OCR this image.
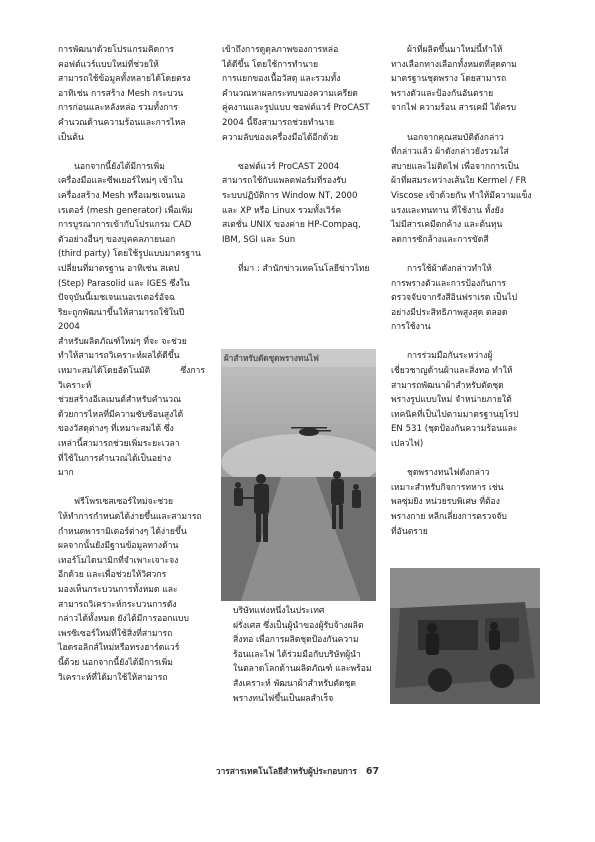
การพัฒนาด้วยโปรแกรมคิดการ
คอฟต์แวร์แบบใหม่ที่ช่วยให้
สามารถใช้ข้อมูลทั้งหลายได้โดยตรง
อาทิเช่น การสร้าง Mesh กระบวน
การก่อนและหลังหล่อ รวมทั้งการ
คำนวณด้านความร้อนและการไหล
เป็นต้น

นอกจากนี้ยังได้มีการเพิ่ม
เครื่องมือและซีพเยอร์ใหม่ๆ เข้าใน
เครื่องสร้าง Mesh หรือเมชเจนเนอ
เรเตอร์ (mesh generator) เพื่อเพิ่ม
การบูรณาการเข้ากับโปรแกรม CAD
ตัวอย่างอื่นๆ ของบุคคลภายนอก
(third party) โดยใช้รูปแบบมาตรฐาน
เปลี่ยนที่มาตรฐาน อาทิเช่น สเตป
(Step) Parasolid และ IGES ซึ่งใน
ปัจจุบันนี้เมชเจนเนอเรเตอร์อัจฉ
ริยะถูกพัฒนาขึ้นให้สามารถใช้ในปี 2004
สำหรับผลิตภัณฑ์ใหม่ๆ ที่จะ จะช่วย
ทำให้สามารถวิเคราะห์ผลได้ดีขึ้น
เหมาะสมได้โดยอัตโนมัติ ซึ่งการวิเคราะห์
ช่วยสร้างอีเลเมนต์สำหรับคำนวณ
ด้วยการไหลที่มีความซับซ้อนสูงได้
ของวัสดุต่างๆ ที่เหมาะสมได้ ซึ่ง
เหล่านี้สามารถช่วยเพิ่มระยะเวลา
ที่ใช้ในการคำนวณได้เป็นอย่าง
มาก

ฟรีโพรเซสเซอร์ใหม่จะช่วย
ให้ทำการกำหนดได้ง่ายขึ้นและสามารถ
กำหนดพารามิเตอร์ต่างๆ ได้ง่ายขึ้น
ผลจากนั้นยังมีฐานข้อมูลทางด้าน
เทอร์โมไดนามิกที่จำเพาะเจาะจง
อีกด้วย และเพื่อช่วยให้วิศวกร
มองเห็นกระบวนการทั้งหมด และ
สามารถวิเคราะห์กระบวนการดัง
กล่าวได้ทั้งหมด ยังได้มีการออกแบบ
เพรซิเซอร์ใหม่ที่ใช้สิ่งที่สามารถ
ไฮดรอลิกส์ใหม่หรือทรงฮาร์ดแวร์
นี้ด้วย นอกจากนี้ยังได้มีการเพิ่ม
วิเคราะห์ที่ได้มาใช้ให้สามารถ

เข้าถึงการดูดุลภาพของการหล่อ
ได้ดีขึ้น โดยใช้การทำนาย
การแยกของเนื้อวัสดุ และรวมทั้ง
คำนวณหาผลกระทบของความเครียด
คู่คงานและรูปแบบ ซอฟต์แวร์ ProCAST
2004 นี้จึงสามารถช่วยทำนาย
ความลับของเครื่องมือได้อีกด้วย

ซอฟต์แวร์ ProCAST 2004
สามารถใช้กับแพลตฟอร์มที่รองรับ
ระบบปฏิบัติการ Window NT, 2000
และ XP หรือ Linux รวมทั้งเวิร์ค
สเตชั่น UNIX ของค่าย HP-Compaq,
IBM, SGI และ Sun

ที่มา : สำนักข่าวเทคโนโลยีข่าวไทย

ผ้าสำหรับตัดชุดพรางทนไฟ

บริษัทแห่งหนึ่งในประเทศ
ฝรั่งเศส ซึ่งเป็นผู้นำของผู้รับจ้างผลิต
สิ่งทอ เพื่อการผลิตชุดป้องกันความ
ร้อนและไฟ ได้ร่วมมือกับบริษัทผู้นำ
ในตลาดโลกด้านผลิตภัณฑ์ และพร้อม
สังเคราะห์ พัฒนาผ้าสำหรับตัดชุด
พรางทนไฟขึ้นเป็นผลสำเร็จ

ผ้าที่ผลิตขึ้นมาใหม่นี้ทำให้
ทางเลือกทางเลือกทั้งหมดที่สุดตาม
มาตรฐานชุดพราง โดยสามารถ
พรางตัวและป้องกันอันตราย
จากไฟ ความร้อน สารเคมี ได้ครบ

นอกจากคุณสมบัติดังกล่าว
ที่กล่าวแล้ว ผ้าดังกล่าวยังรวมใส่
สบายและไม่ติดไฟ เพื่อจากการเป็น
ผ้าที่ผสมระหว่างเส้นใย Kermel / FR
Viscose เข้าด้วยกัน ทำให้มีความแข็ง
แรงและทนทาน ที่ใช้งาน ทั้งยัง
ไม่มีสารเคมีตกค้าง และต้นทุน
ลดการซักล้างและการขัดสี

การใช้ผ้าดังกล่าวทำให้
การพรางตัวและการป้องกันการ
ตรวจจับจากรังสีอินฟราเรด เป็นไป
อย่างมีประสิทธิภาพสูงสุด ตลอด
การใช้งาน

การร่วมมือกันระหว่างผู้
เชี่ยวชาญด้านผ้าและสิ่งทอ ทำให้
สามารถพัฒนาผ้าสำหรับตัดชุด
พรางรูปแบบใหม่ จำหน่ายภายใต้
เทคนิคที่เป็นไปตามมาตรฐานยุโรป
EN 531 (ชุดป้องกันความร้อนและ
เปลวไฟ)

ชุดพรางทนไฟดังกล่าว
เหมาะสำหรับกิจการทหาร เช่น
พลซุ่มยิง หน่วยรบพิเศษ ที่ต้อง
พรางกาย หลีกเลี่ยงการตรวจจับ
ที่อันตราย

วารสารเทคโนโลยีสำหรับผู้ประกอบการ 67
